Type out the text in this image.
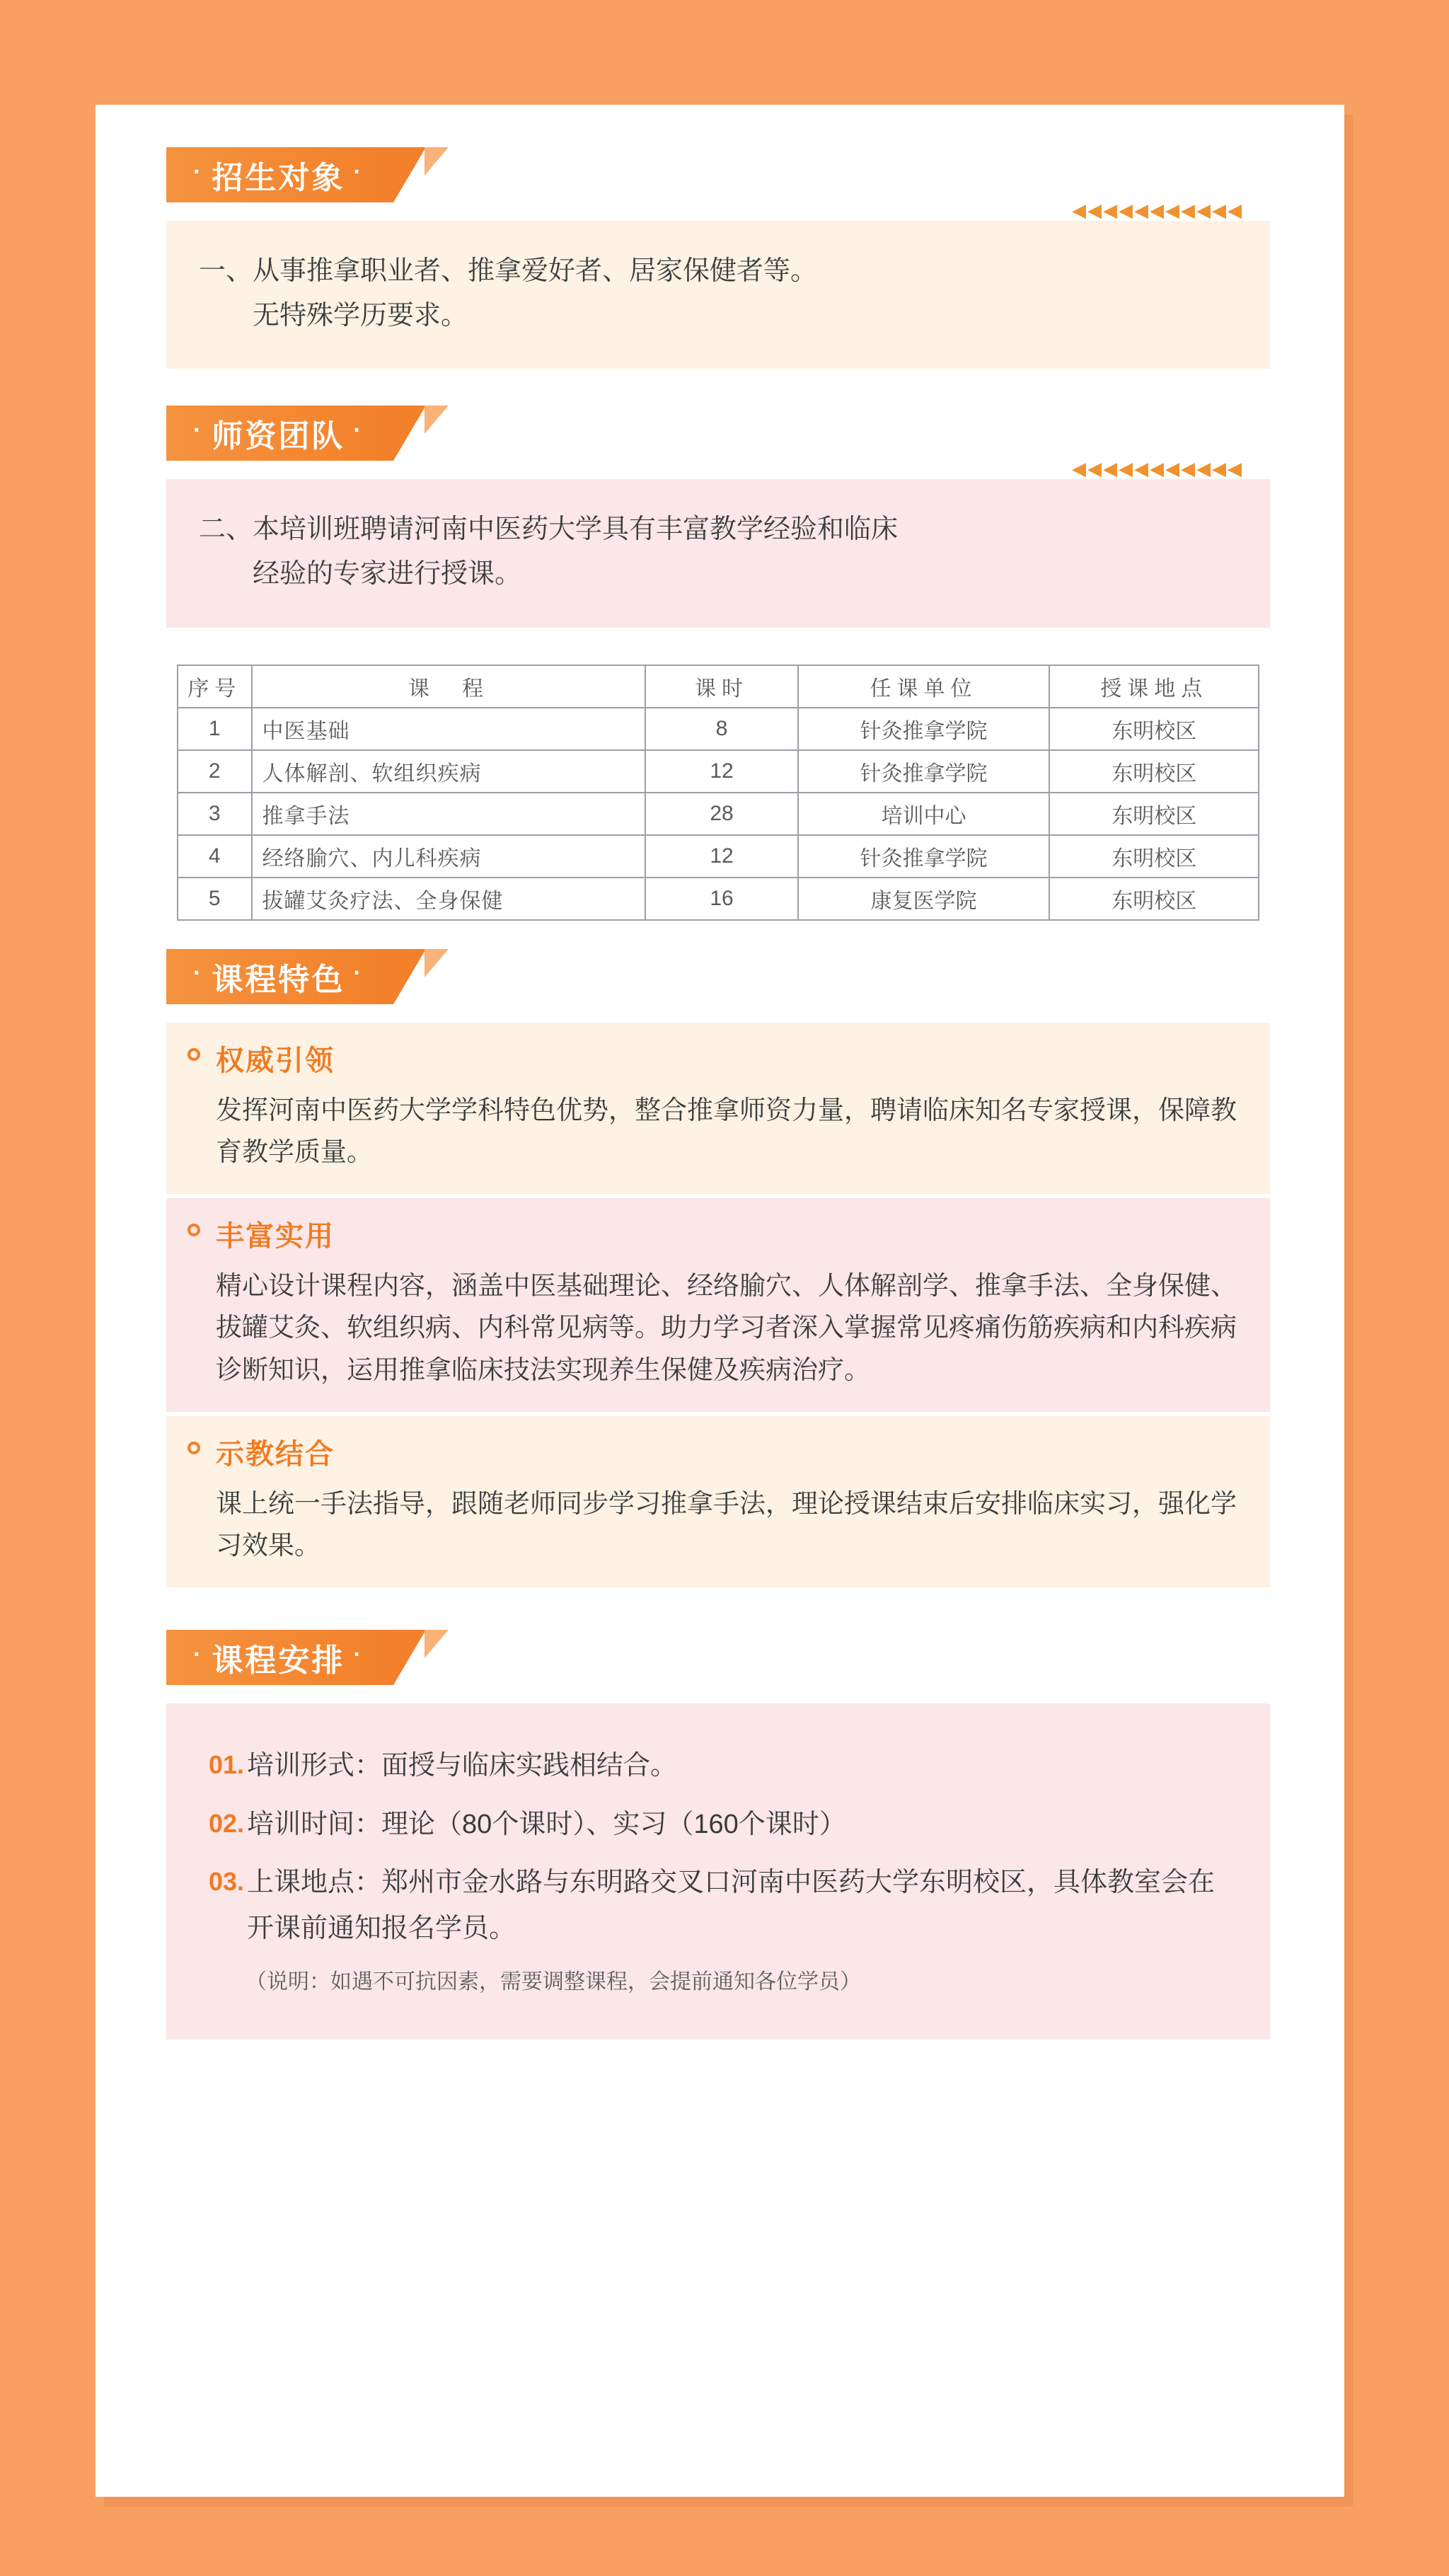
· 招生对象 ·
◀◀◀◀◀◀◀◀◀◀◀
一、 从事推拿职业者、推拿爱好者、居家保健者等。
无特殊学历要求。
· 师资团队 ·
◀◀◀◀◀◀◀◀◀◀◀
二、 本培训班聘请河南中医药大学具有丰富教学经验和临床
经验的专家进行授课。
序号	课　程	课时	任课单位	授课地点
1	中医基础	8	针灸推拿学院	东明校区
2	人体解剖、软组织疾病	12	针灸推拿学院	东明校区
3	推拿手法	28	培训中心	东明校区
4	经络腧穴、内儿科疾病	12	针灸推拿学院	东明校区
5	拔罐艾灸疗法、全身保健	16	康复医学院	东明校区
· 课程特色 ·
权威引领
发挥河南中医药大学学科特色优势，整合推拿师资力量，聘请临床知名专家授课，保障教育教学质量。
丰富实用
精心设计课程内容，涵盖中医基础理论、经络腧穴、人体解剖学、推拿手法、全身保健、拔罐艾灸、软组织病、内科常见病等。助力学习者深入掌握常见疼痛伤筋疾病和内科疾病诊断知识，运用推拿临床技法实现养生保健及疾病治疗。
示教结合
课上统一手法指导，跟随老师同步学习推拿手法，理论授课结束后安排临床实习，强化学习效果。
· 课程安排 ·
01. 培训形式：面授与临床实践相结合。
02. 培训时间：理论（80个课时）、实习（160个课时）
03. 上课地点：郑州市金水路与东明路交叉口河南中医药大学东明校区，具体教室会在开课前通知报名学员。
（说明：如遇不可抗因素，需要调整课程，会提前通知各位学员）
